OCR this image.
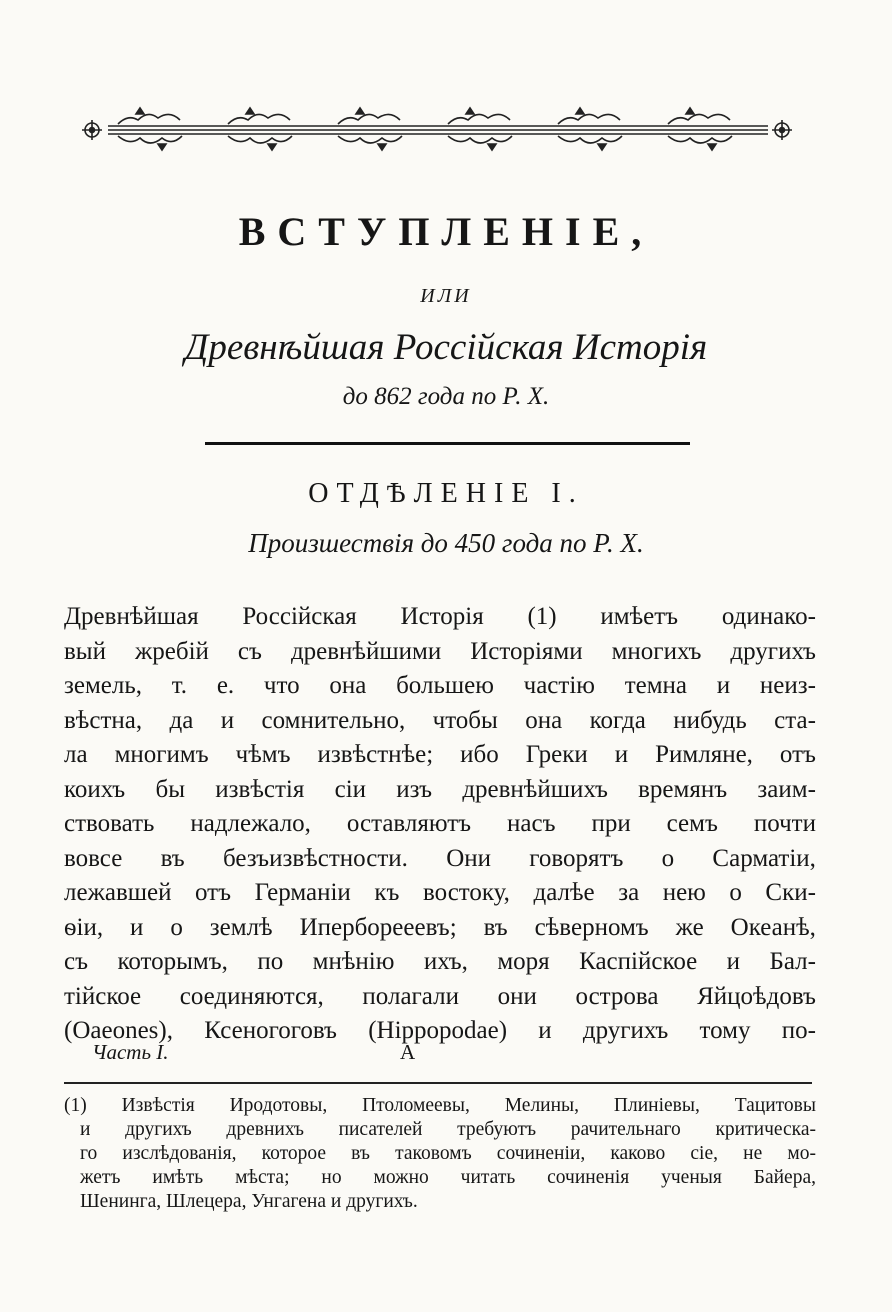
ВСТУПЛЕНІЕ,
ИЛИ
Древнѣйшая Россійская Исторія
до 862 года по Р. Х.
ОТДѢЛЕНІЕ І.
Произшествія до 450 года по Р. Х.
Древнѣйшая Россійская Исторія (1) имѣетъ одинако-
вый жребій съ древнѣйшими Исторіями многихъ другихъ
земель, т. е. что она большею частію темна и неиз-
вѣстна, да и сомнительно, чтобы она когда нибудь ста-
ла многимъ чѣмъ извѣстнѣе; ибо Греки и Римляне, отъ
коихъ бы извѣстія сіи изъ древнѣйшихъ времянъ заим-
ствовать надлежало, оставляютъ насъ при семъ почти
вовсе въ безъизвѣстности. Они говорятъ о Сарматіи,
лежавшей отъ Германіи къ востоку, далѣе за нею о Ски-
ѳіи, и о землѣ Иперборееевъ; въ сѣверномъ же Океанѣ,
съ которымъ, по мнѣнію ихъ, моря Каспійское и Бал-
тійское соединяются, полагали они острова Яйцоѣдовъ
(Oaeones), Ксеногоговъ (Hippopodae) и другихъ тому по-
Часть I.	А
(1) Извѣстія Иродотовы, Птоломеевы, Мелины, Плиніевы, Тацитовы
и другихъ древнихъ писателей требуютъ рачительнаго критическа-
го изслѣдованія, которое въ таковомъ сочиненіи, каково сіе, не мо-
жетъ имѣть мѣста; но можно читать сочиненія ученыя Байера,
Шенинга, Шлецера, Унгагена и другихъ.
